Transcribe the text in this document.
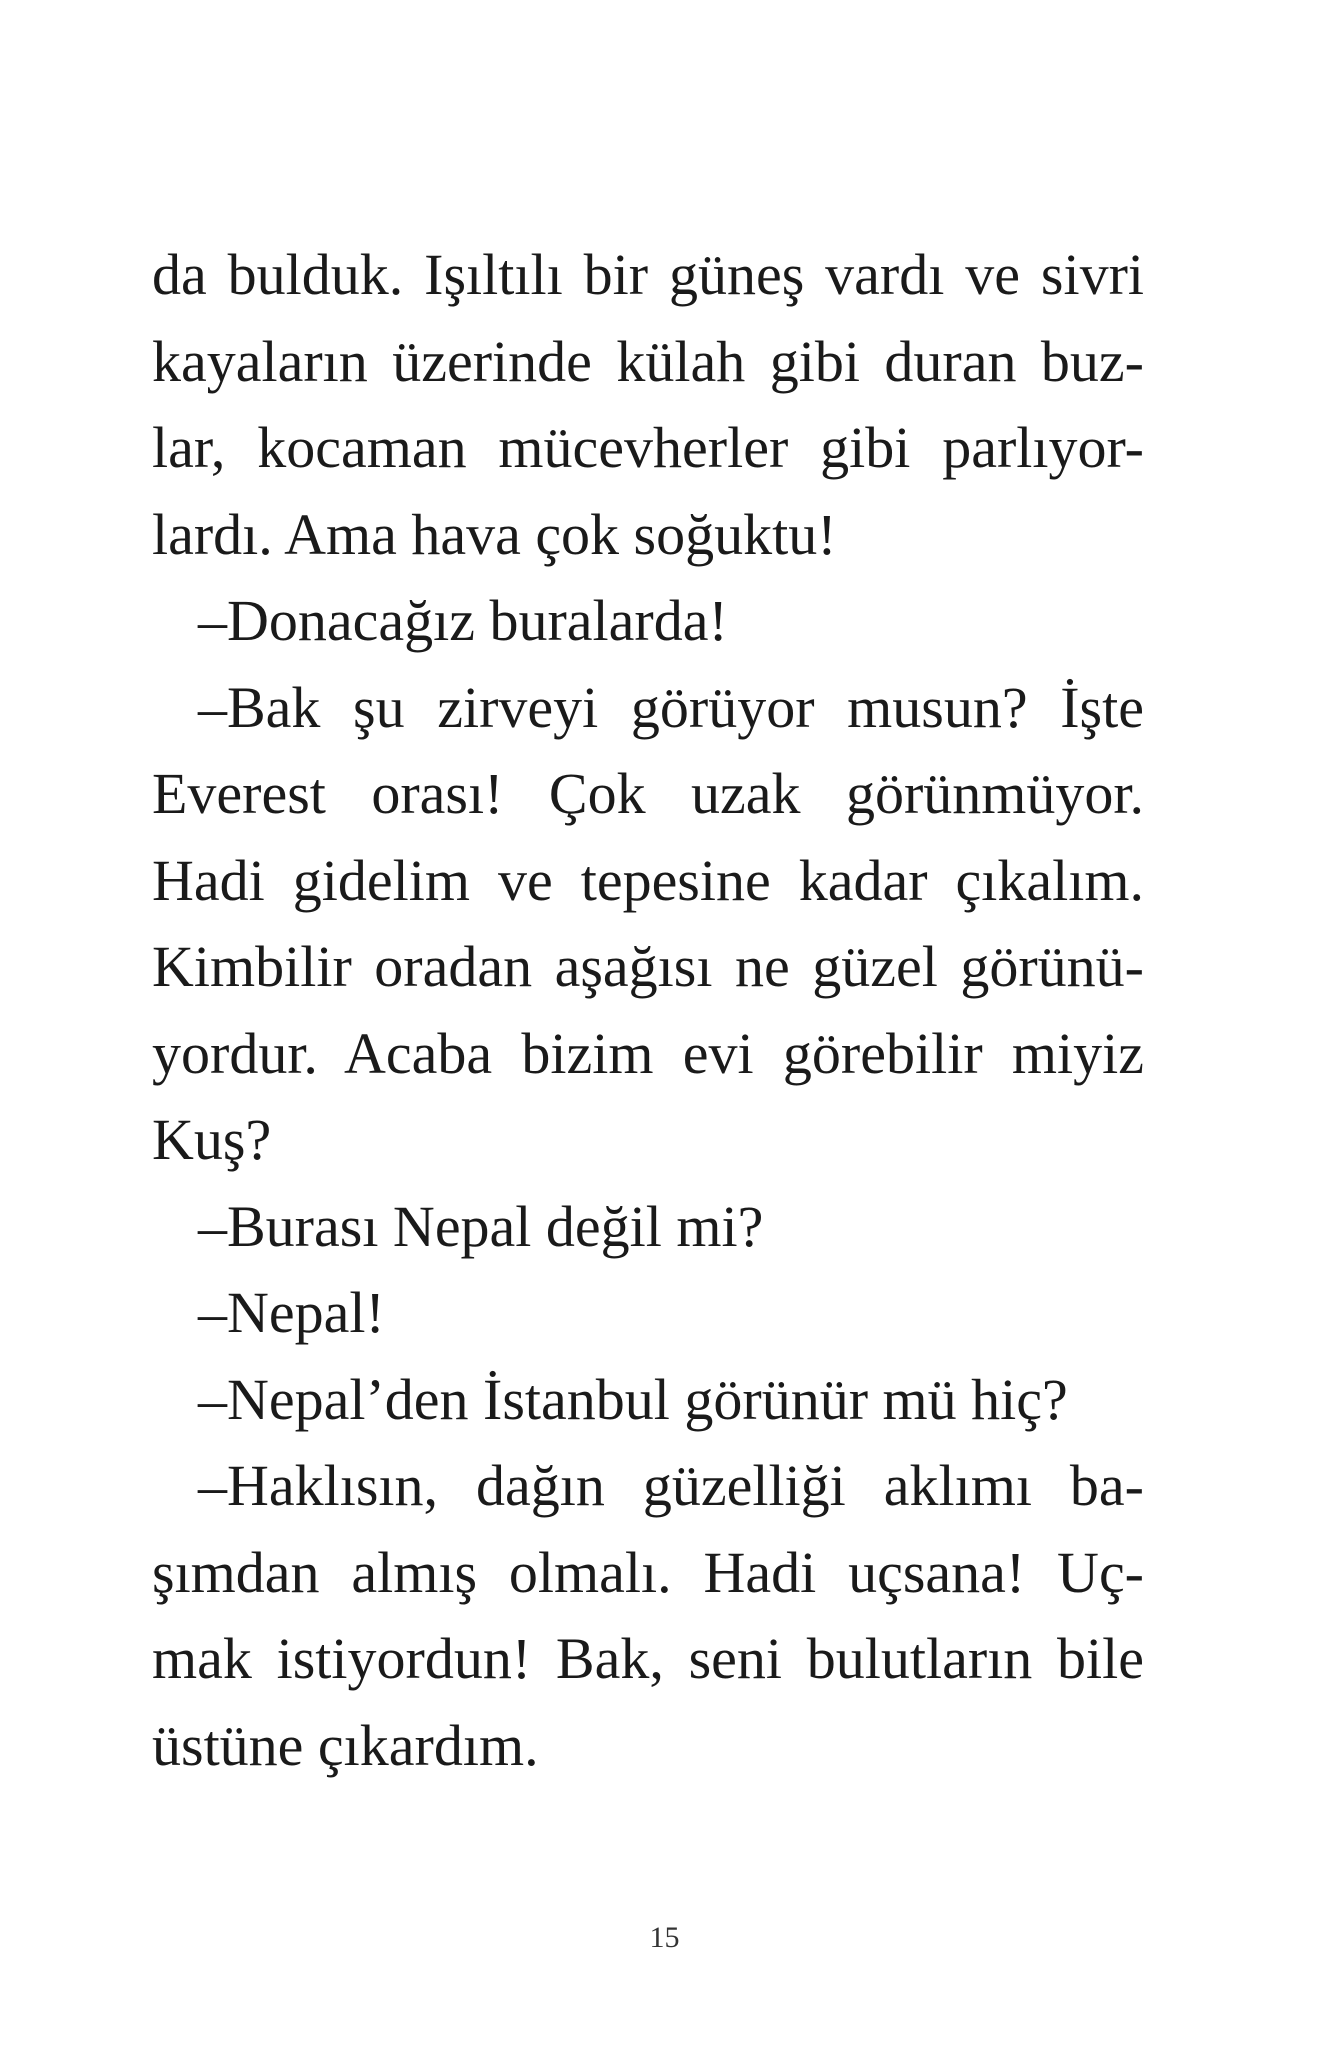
da bulduk. Işıltılı bir güneş vardı ve sivri
kayaların üzerinde külah gibi duran buz-
lar, kocaman mücevherler gibi parlıyor-
lardı. Ama hava çok soğuktu!
–Donacağız buralarda!
–Bak şu zirveyi görüyor musun? İşte
Everest orası! Çok uzak görünmüyor.
Hadi gidelim ve tepesine kadar çıkalım.
Kimbilir oradan aşağısı ne güzel görünü-
yordur. Acaba bizim evi görebilir miyiz
Kuş?
–Burası Nepal değil mi?
–Nepal!
–Nepal’den İstanbul görünür mü hiç?
–Haklısın, dağın güzelliği aklımı ba-
şımdan almış olmalı. Hadi uçsana! Uç-
mak istiyordun! Bak, seni bulutların bile
üstüne çıkardım.
15
